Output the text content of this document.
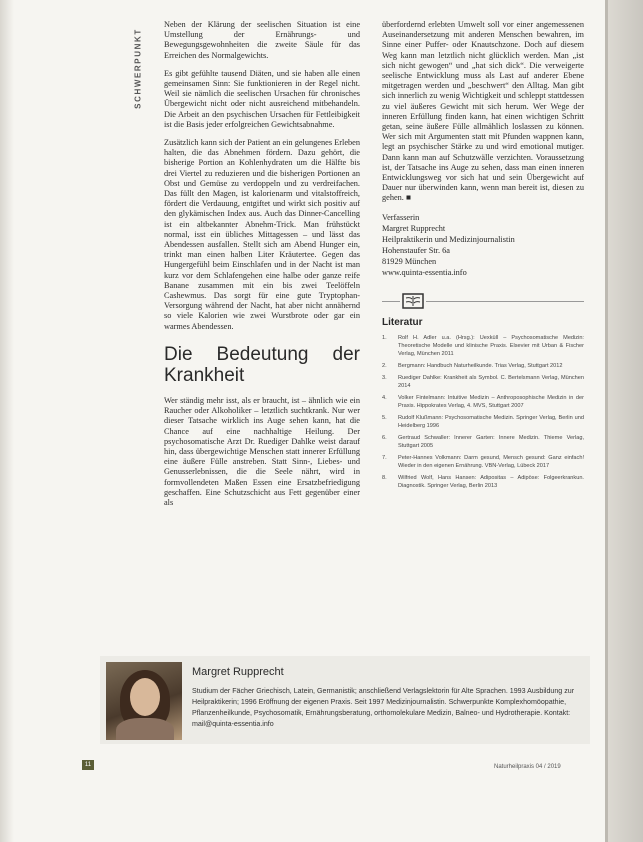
SCHWERPUNKT

Neben der Klärung der seelischen Situation ist eine Umstellung der Ernährungs- und Bewegungsgewohnheiten die zweite Säule für das Erreichen des Normalgewichts.

Es gibt gefühlte tausend Diäten, und sie haben alle einen gemeinsamen Sinn: Sie funktionieren in der Regel nicht. Weil sie nämlich die seelischen Ursachen für chronisches Übergewicht nicht oder nicht ausreichend mitbehandeln. Die Arbeit an den psychischen Ursachen für Fettleibigkeit ist die Basis jeder erfolgreichen Gewichtsabnahme.

Zusätzlich kann sich der Patient an ein gelungenes Erleben halten, die das Abnehmen fördern. Dazu gehört, die bisherige Portion an Kohlenhydraten um die Hälfte bis drei Viertel zu reduzieren und die bisherigen Portionen an Obst und Gemüse zu verdoppeln und zu verdreifachen. Das füllt den Magen, ist kalorienarm und vitalstoffreich, fördert die Verdauung, entgiftet und wirkt sich positiv auf den glykämischen Index aus. Auch das Dinner-Cancelling ist ein altbekannter Abnehm-Trick. Man frühstückt normal, isst ein übliches Mittagessen – und lässt das Abendessen ausfallen. Stellt sich am Abend Hunger ein, trinkt man einen halben Liter Kräutertee. Gegen das Hungergefühl beim Einschlafen und in der Nacht ist man kurz vor dem Schlafengehen eine halbe oder ganze reife Banane zusammen mit ein bis zwei Teelöffeln Cashewmus. Das sorgt für eine gute Tryptophan-Versorgung während der Nacht, hat aber nicht annähernd so viele Kalorien wie zwei Wurstbrote oder gar ein warmes Abendessen.

Die Bedeutung der Krankheit

Wer ständig mehr isst, als er braucht, ist – ähnlich wie ein Raucher oder Alkoholiker – letztlich suchtkrank. Nur wer dieser Tatsache wirklich ins Auge sehen kann, hat die Chance auf eine nachhaltige Heilung. Der psychosomatische Arzt Dr. Ruediger Dahlke weist darauf hin, dass übergewichtige Menschen statt innerer Erfüllung eine äußere Fülle anstreben. Statt Sinn-, Liebes- und Genusserlebnissen, die die Seele nährt, wird in formvollendeten Maßen Essen eine Ersatzbefriedigung geschaffen. Eine Schutzschicht aus Fett gegenüber einer als

überfordernd erlebten Umwelt soll vor einer angemessenen Auseinandersetzung mit anderen Menschen bewahren, im Sinne einer Puffer- oder Knautschzone. Doch auf diesem Weg kann man letztlich nicht glücklich werden. Man „ist sich nicht gewogen“ und „hat sich dick“. Die verweigerte seelische Entwicklung muss als Last auf anderer Ebene mitgetragen werden und „beschwert“ den Alltag. Man gibt sich innerlich zu wenig Wichtigkeit und schleppt stattdessen zu viel äußeres Gewicht mit sich herum. Wer Wege der inneren Erfüllung finden kann, hat einen wichtigen Schritt getan, seine äußere Fülle allmählich loslassen zu können. Wer sich mit Argumenten statt mit Pfunden wappnen kann, legt an psychischer Stärke zu und wird emotional mutiger. Dann kann man auf Schutzwälle verzichten. Voraussetzung ist, der Tatsache ins Auge zu sehen, dass man einen inneren Entwicklungsweg vor sich hat und sein Übergewicht auf Dauer nur überwinden kann, wenn man bereit ist, diesen zu gehen. ■

Verfasserin
Margret Rupprecht
Heilpraktikerin und Medizinjournalistin
Hohenstaufer Str. 6a
81929 München
www.quinta-essentia.info
Literatur
1.	Rolf H. Adler u.a. (Hrsg.): Uexküll – Psychosomatische Medizin: Theoretische Modelle und klinische Praxis. Elsevier mit Urban & Fischer Verlag, München 2011
2.	Bergmann: Handbuch Naturheilkunde. Trias Verlag, Stuttgart 2012
3.	Ruediger Dahlke: Krankheit als Symbol. C. Bertelsmann Verlag, München 2014
4.	Volker Fintelmann: Intuitive Medizin – Anthroposophische Medizin in der Praxis. Hippokrates Verlag, 4. MVS, Stuttgart 2007
5.	Rudolf Klußmann: Psychosomatische Medizin. Springer Verlag, Berlin und Heidelberg 1996
6.	Gertraud Schwaller: Innerer Garten: Innere Medizin. Thieme Verlag, Stuttgart 2005
7.	Peter-Hannes Volkmann: Darm gesund, Mensch gesund: Ganz einfach! Wieder in den eigenen Ernährung. VBN-Verlag, Lübeck 2017
8.	Wilfried Wolf, Hans Hansen: Adipositas – Adipöse: Folgeerkrankun. Diagnostik. Springer Verlag, Berlin 2013
Margret Rupprecht
Studium der Fächer Griechisch, Latein, Germanistik; anschließend Verlagslektorin für Alte Sprachen. 1993 Ausbildung zur Heilpraktikerin; 1996 Eröffnung der eigenen Praxis. Seit 1997 Medizinjournalistin. Schwerpunkte Komplexhomöopathie, Pflanzenheilkunde, Psychosomatik, Ernährungsberatung, orthomolekulare Medizin, Balneo- und Hydrotherapie. Kontakt: mail@quinta-essentia.info
11	Naturheilpraxis 04 / 2019
